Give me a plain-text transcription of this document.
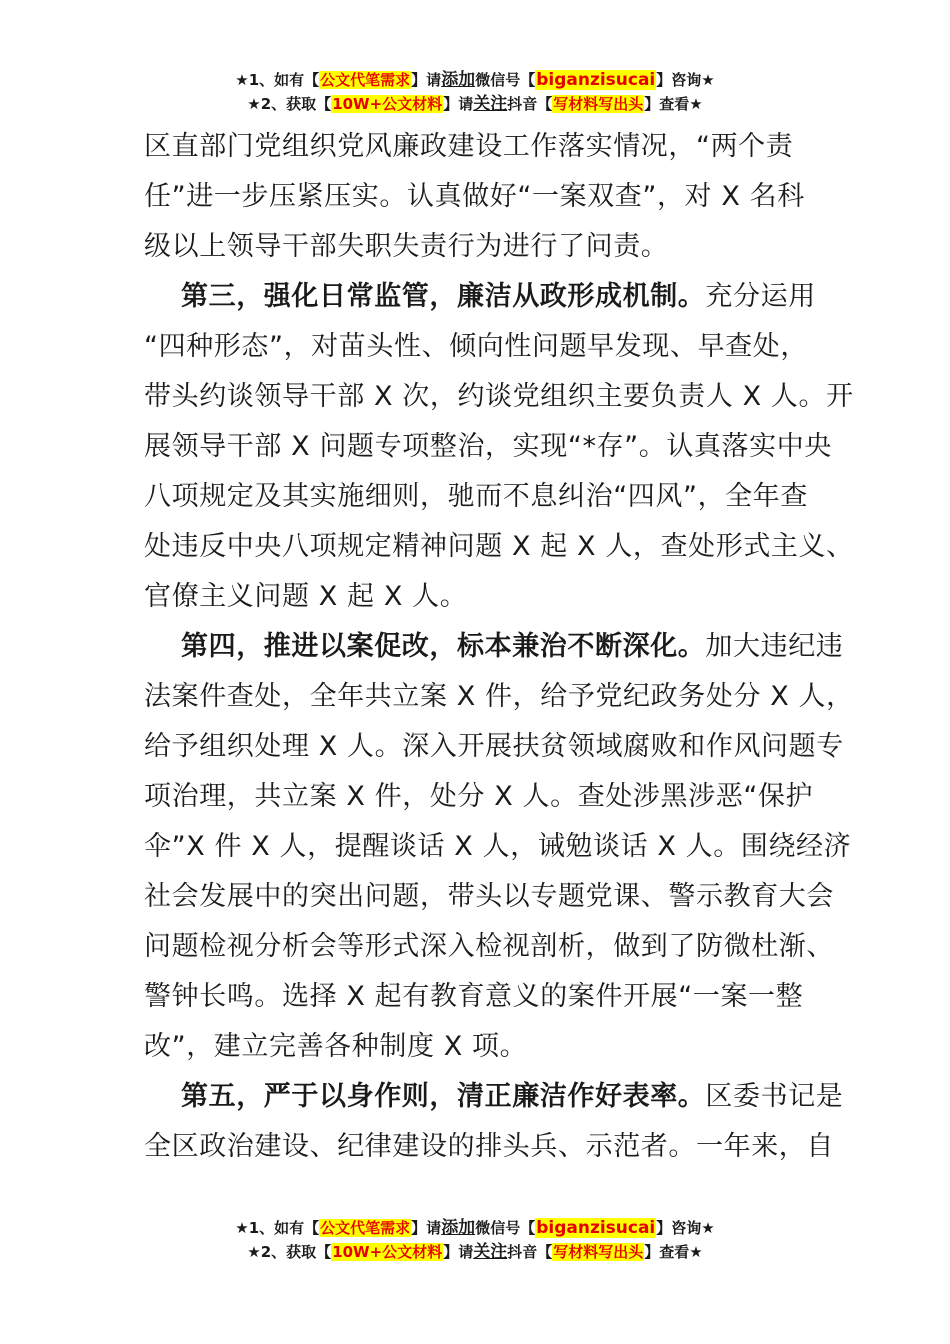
★1、如有【公文代笔需求】请添加微信号【biganzisucai】咨询★
★2、获取【10W+公文材料】请关注抖音【写材料写出头】查看★
区直部门党组织党风廉政建设工作落实情况，“两个责
任”进一步压紧压实。认真做好“一案双查”，对 X 名科
级以上领导干部失职失责行为进行了问责。
第三，强化日常监管，廉洁从政形成机制。充分运用
“四种形态”，对苗头性、倾向性问题早发现、早查处，
带头约谈领导干部 X 次，约谈党组织主要负责人 X 人。开
展领导干部 X 问题专项整治，实现“*存”。认真落实中央
八项规定及其实施细则，驰而不息纠治“四风”，全年查
处违反中央八项规定精神问题 X 起 X 人，查处形式主义、
官僚主义问题 X 起 X 人。
第四，推进以案促改，标本兼治不断深化。加大违纪违
法案件查处，全年共立案 X 件，给予党纪政务处分 X 人，
给予组织处理 X 人。深入开展扶贫领域腐败和作风问题专
项治理，共立案 X 件，处分 X 人。查处涉黑涉恶“保护
伞”X 件 X 人，提醒谈话 X 人，诫勉谈话 X 人。围绕经济
社会发展中的突出问题，带头以专题党课、警示教育大会
问题检视分析会等形式深入检视剖析，做到了防微杜渐、
警钟长鸣。选择 X 起有教育意义的案件开展“一案一整
改”，建立完善各种制度 X 项。
第五，严于以身作则，清正廉洁作好表率。区委书记是
全区政治建设、纪律建设的排头兵、示范者。一年来，自
★1、如有【公文代笔需求】请添加微信号【biganzisucai】咨询★
★2、获取【10W+公文材料】请关注抖音【写材料写出头】查看★
